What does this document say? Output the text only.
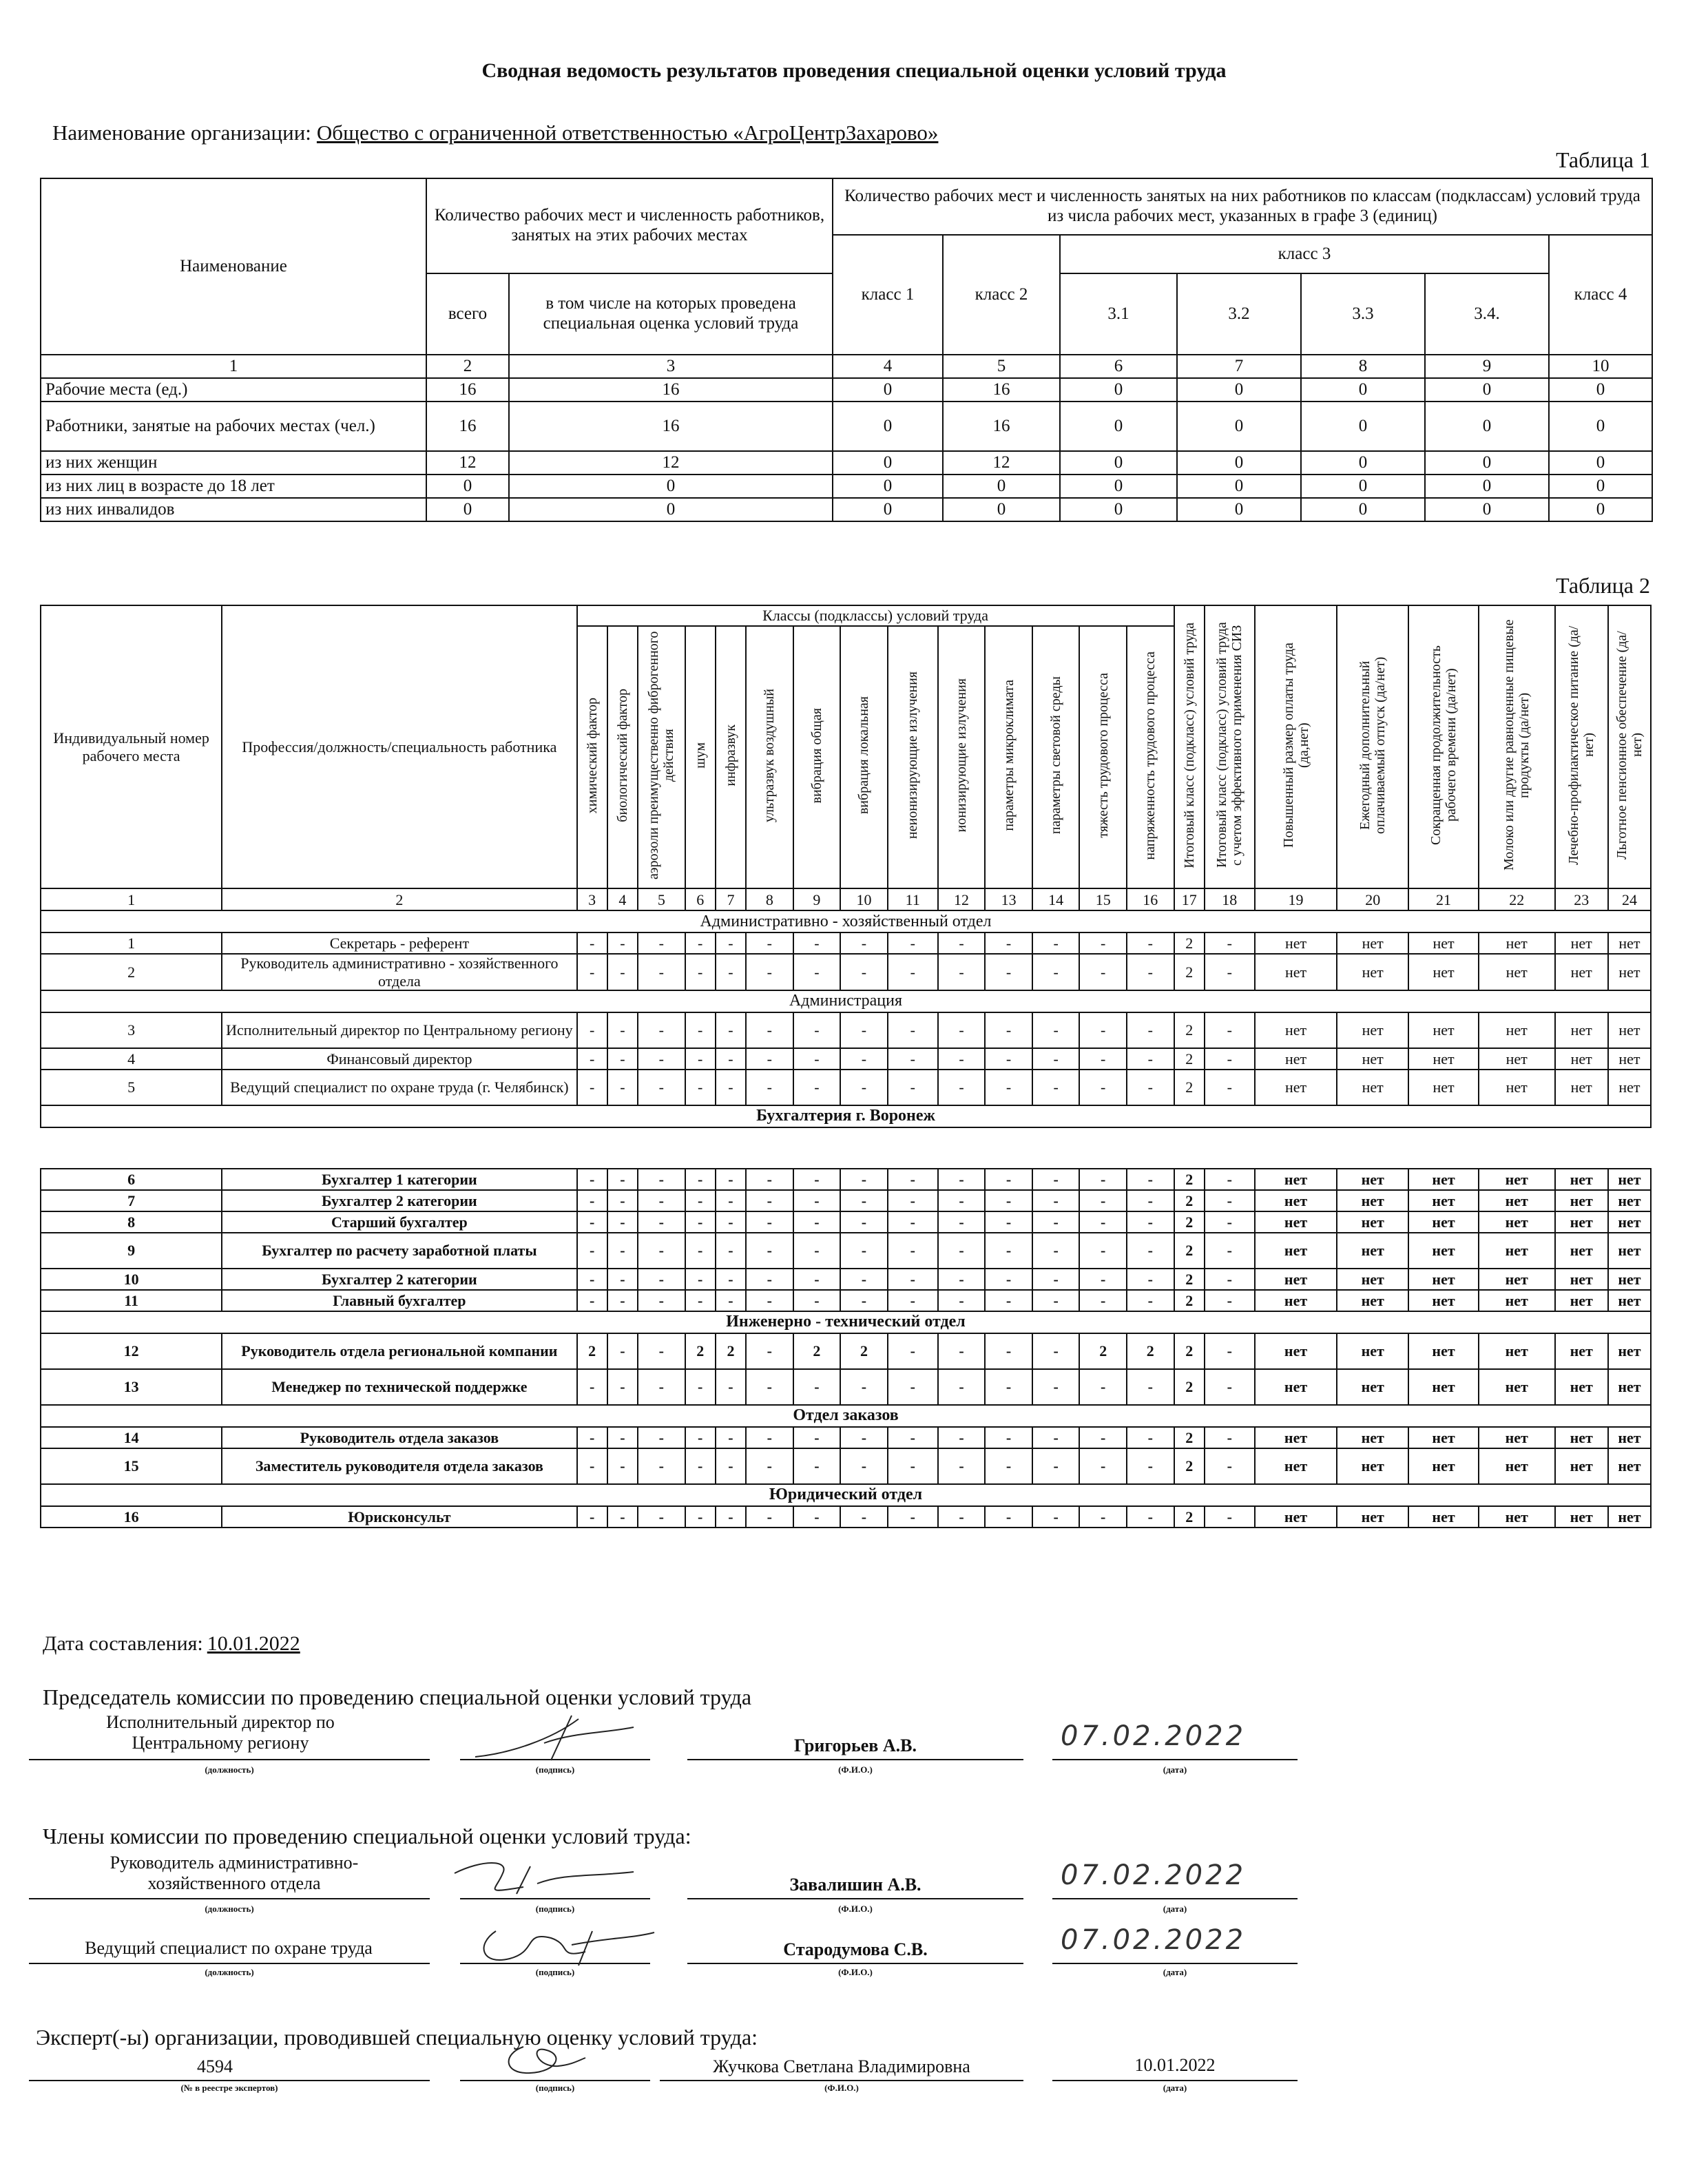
Сводная ведомость результатов проведения специальной оценки условий труда
Наименование организации: Общество с ограниченной ответственностью «АгроЦентрЗахарово»
Таблица 1
Наименование	Количество рабочих мест и численность работников, занятых на этих рабочих местах		Количество рабочих мест и численность занятых на них работников по классам (подклассам) условий труда из числа рабочих мест, указанных в графе 3 (единиц)						
			класс 1	класс 2	класс 3				класс 4
	всего	в том числе на которых проведена специальная оценка условий труда			3.1	3.2	3.3	3.4.	
1	2	3	4	5	6	7	8	9	10
Рабочие места (ед.)	16	16	0	16	0	0	0	0	0
Работники, занятые на рабочих местах (чел.)	16	16	0	16	0	0	0	0	0
из них женщин	12	12	0	12	0	0	0	0	0
из них лиц в возрасте до 18 лет	0	0	0	0	0	0	0	0	0
из них инвалидов	0	0	0	0	0	0	0	0	0
Таблица 2
Индивидуальный номер рабочего места	Профессия/должность/специальность работника	Классы (подклассы) условий труда														Итоговый класс (подкласс) условий труда	Итоговый класс (подкласс) условий труда с учетом эффективного применения СИЗ	Повышенный размер оплаты труда (да,нет)	Ежегодный дополнительный оплачиваемый отпуск (да/нет)	Сокращенная продолжительность рабочего времени (да/нет)	Молоко или другие равноценные пищевые продукты (да/нет)	Лечебно-профилактическое питание (да/нет)	Льготное пенсионное обеспечение (да/нет)
		химический фактор	биологический фактор	аэрозоли преимущественно фиброгенного действия	шум	инфразвук	ультразвук воздушный	вибрация общая	вибрация локальная	неионизирующие излучения	ионизирующие излучения	параметры микроклимата	параметры световой среды	тяжесть трудового процесса	напряженность трудового процесса								
1	2	3	4	5	6	7	8	9	10	11	12	13	14	15	16	17	18	19	20	21	22	23	24
Административно - хозяйственный отдел																							
1	Секретарь - референт	-	-	-	-	-	-	-	-	-	-	-	-	-	-	2	-	нет	нет	нет	нет	нет	нет
2	Руководитель административно - хозяйственного отдела	-	-	-	-	-	-	-	-	-	-	-	-	-	-	2	-	нет	нет	нет	нет	нет	нет
Администрация																							
3	Исполнительный директор по Центральному региону	-	-	-	-	-	-	-	-	-	-	-	-	-	-	2	-	нет	нет	нет	нет	нет	нет
4	Финансовый директор	-	-	-	-	-	-	-	-	-	-	-	-	-	-	2	-	нет	нет	нет	нет	нет	нет
5	Ведущий специалист по охране труда (г. Челябинск)	-	-	-	-	-	-	-	-	-	-	-	-	-	-	2	-	нет	нет	нет	нет	нет	нет
Бухгалтерия г. Воронеж																							

6	Бухгалтер 1 категории	-	-	-	-	-	-	-	-	-	-	-	-	-	-	2	-	нет	нет	нет	нет	нет	нет
7	Бухгалтер 2 категории	-	-	-	-	-	-	-	-	-	-	-	-	-	-	2	-	нет	нет	нет	нет	нет	нет
8	Старший бухгалтер	-	-	-	-	-	-	-	-	-	-	-	-	-	-	2	-	нет	нет	нет	нет	нет	нет
9	Бухгалтер по расчету заработной платы	-	-	-	-	-	-	-	-	-	-	-	-	-	-	2	-	нет	нет	нет	нет	нет	нет
10	Бухгалтер 2 категории	-	-	-	-	-	-	-	-	-	-	-	-	-	-	2	-	нет	нет	нет	нет	нет	нет
11	Главный бухгалтер	-	-	-	-	-	-	-	-	-	-	-	-	-	-	2	-	нет	нет	нет	нет	нет	нет
Инженерно - технический отдел																							
12	Руководитель отдела региональной компании	2	-	-	2	2	-	2	2	-	-	-	-	2	2	2	-	нет	нет	нет	нет	нет	нет
13	Менеджер по технической поддержке	-	-	-	-	-	-	-	-	-	-	-	-	-	-	2	-	нет	нет	нет	нет	нет	нет
Отдел заказов																							
14	Руководитель отдела заказов	-	-	-	-	-	-	-	-	-	-	-	-	-	-	2	-	нет	нет	нет	нет	нет	нет
15	Заместитель руководителя отдела заказов	-	-	-	-	-	-	-	-	-	-	-	-	-	-	2	-	нет	нет	нет	нет	нет	нет
Юридический отдел																							
16	Юрисконсульт	-	-	-	-	-	-	-	-	-	-	-	-	-	-	2	-	нет	нет	нет	нет	нет	нет
Дата составления: 10.01.2022
Председатель комиссии по проведению специальной оценки условий труда
Исполнительный директор по Центральному региону	Григорьев А.В.	07.02.2022
(должность)	(подпись)	(Ф.И.О.)	(дата)
Члены комиссии по проведению специальной оценки условий труда:
Руководитель административно-хозяйственного отдела	Завалишин А.В.	07.02.2022
(должность)	(подпись)	(Ф.И.О.)	(дата)
Ведущий специалист по охране труда	Стародумова С.В.	07.02.2022
(должность)	(подпись)	(Ф.И.О.)	(дата)
Эксперт(-ы) организации, проводившей специальную оценку условий труда:
4594	Жучкова Светлана Владимировна	10.01.2022
(№ в реестре экспертов)	(подпись)	(Ф.И.О.)	(дата)
